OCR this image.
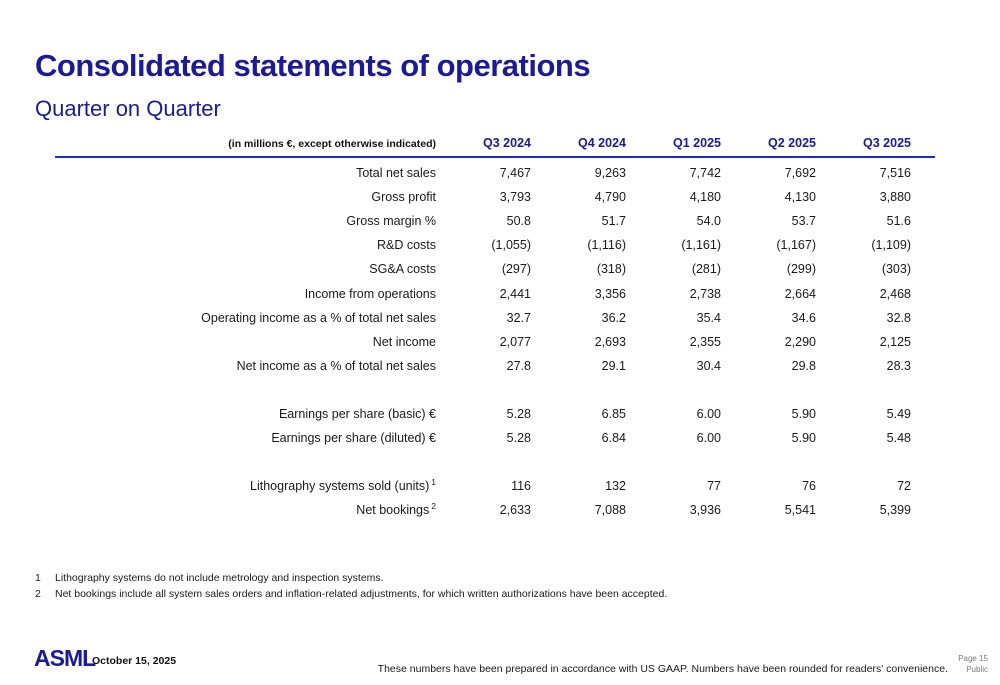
Consolidated statements of operations
Quarter on Quarter
(in millions €, except otherwise indicated)	Q3 2024	Q4 2024	Q1 2025	Q2 2025	Q3 2025	
Total net sales	7,467	9,263	7,742	7,692	7,516	
Gross profit	3,793	4,790	4,180	4,130	3,880	
Gross margin %	50.8	51.7	54.0	53.7	51.6	
R&D costs	(1,055)	(1,116)	(1,161)	(1,167)	(1,109)	
SG&A costs	(297)	(318)	(281)	(299)	(303)	
Income from operations	2,441	3,356	2,738	2,664	2,468	
Operating income as a % of total net sales	32.7	36.2	35.4	34.6	32.8	
Net income	2,077	2,693	2,355	2,290	2,125	
Net income as a % of total net sales	27.8	29.1	30.4	29.8	28.3	

Earnings per share (basic) €	5.28	6.85	6.00	5.90	5.49	
Earnings per share (diluted) €	5.28	6.84	6.00	5.90	5.48	

Lithography systems sold (units) $^1$	116	132	77	76	72	
Net bookings $^2$	2,633	7,088	3,936	5,541	5,399	
1 Lithography systems do not include metrology and inspection systems.
2 Net bookings include all system sales orders and inflation-related adjustments, for which written authorizations have been accepted.
ASML
October 15, 2025
These numbers have been prepared in accordance with US GAAP. Numbers have been rounded for readers' convenience.
Page 15
Public
